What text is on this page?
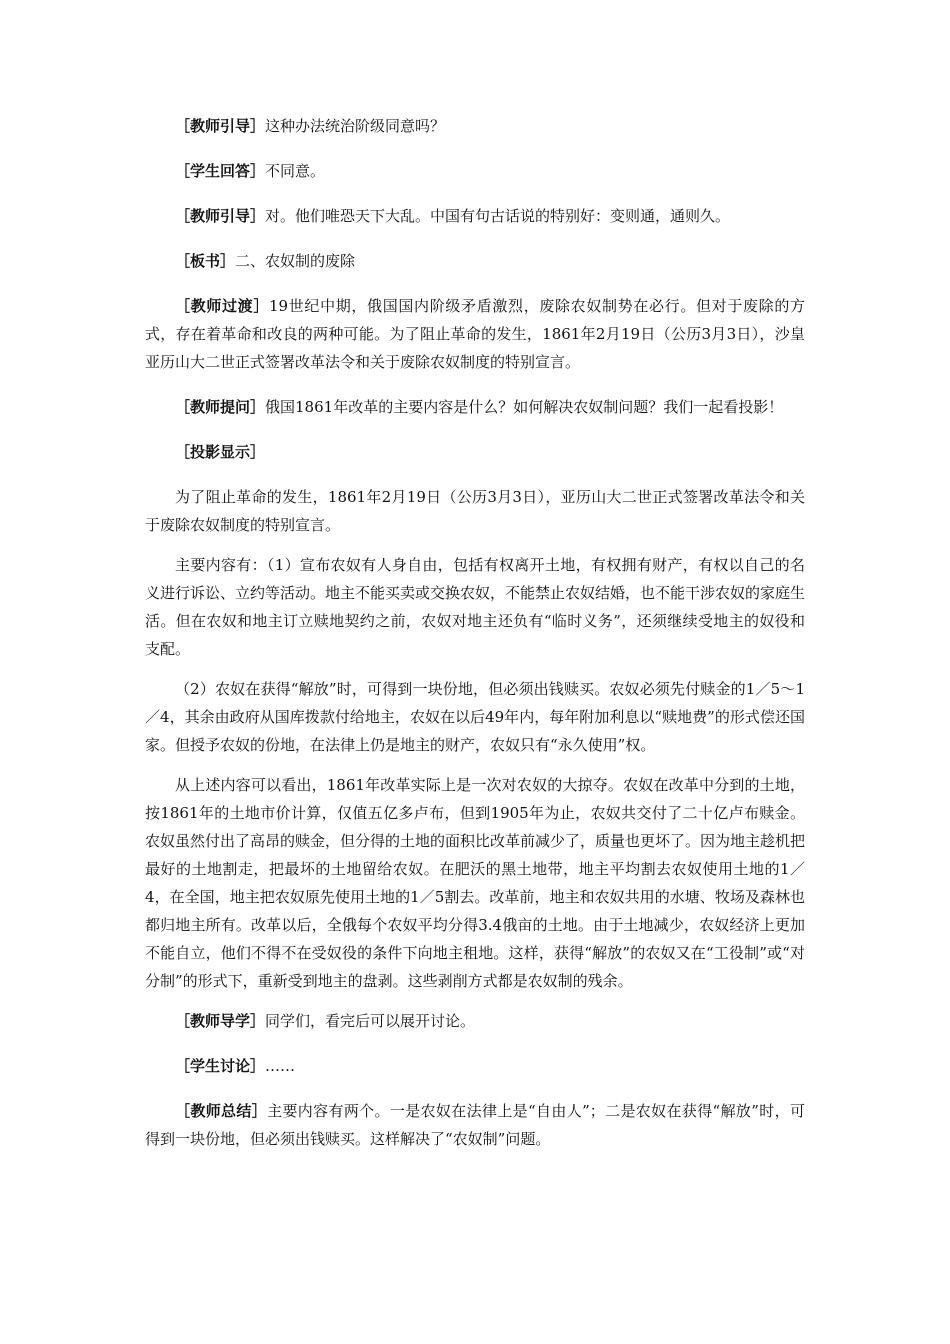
［教师引导］这种办法统治阶级同意吗？

［学生回答］不同意。

［教师引导］对。他们唯恐天下大乱。中国有句古话说的特别好：变则通，通则久。

［板书］二、农奴制的废除

［教师过渡］19世纪中期，俄国国内阶级矛盾激烈，废除农奴制势在必行。但对于废除的方式，存在着革命和改良的两种可能。为了阻止革命的发生，1861年2月19日（公历3月3日），沙皇亚历山大二世正式签署改革法令和关于废除农奴制度的特别宣言。

［教师提问］俄国1861年改革的主要内容是什么？如何解决农奴制问题？我们一起看投影！

［投影显示］

为了阻止革命的发生，1861年2月19日（公历3月3日），亚历山大二世正式签署改革法令和关于废除农奴制度的特别宣言。

主要内容有：（1）宣布农奴有人身自由，包括有权离开土地，有权拥有财产，有权以自己的名义进行诉讼、立约等活动。地主不能买卖或交换农奴，不能禁止农奴结婚，也不能干涉农奴的家庭生活。但在农奴和地主订立赎地契约之前，农奴对地主还负有“临时义务”，还须继续受地主的奴役和支配。

（2）农奴在获得“解放”时，可得到一块份地，但必须出钱赎买。农奴必须先付赎金的1／5～1／4，其余由政府从国库拨款付给地主，农奴在以后49年内，每年附加利息以“赎地费”的形式偿还国家。但授予农奴的份地，在法律上仍是地主的财产，农奴只有“永久使用”权。

从上述内容可以看出，1861年改革实际上是一次对农奴的大掠夺。农奴在改革中分到的土地，按1861年的土地市价计算，仅值五亿多卢布，但到1905年为止，农奴共交付了二十亿卢布赎金。农奴虽然付出了高昂的赎金，但分得的土地的面积比改革前减少了，质量也更坏了。因为地主趁机把最好的土地割走，把最坏的土地留给农奴。在肥沃的黑土地带，地主平均割去农奴使用土地的1／4，在全国，地主把农奴原先使用土地的1／5割去。改革前，地主和农奴共用的水塘、牧场及森林也都归地主所有。改革以后，全俄每个农奴平均分得3.4俄亩的土地。由于土地减少，农奴经济上更加不能自立，他们不得不在受奴役的条件下向地主租地。这样，获得“解放”的农奴又在“工役制”或“对分制”的形式下，重新受到地主的盘剥。这些剥削方式都是农奴制的残余。

［教师导学］同学们，看完后可以展开讨论。

［学生讨论］……

［教师总结］主要内容有两个。一是农奴在法律上是“自由人”；二是农奴在获得“解放”时，可得到一块份地，但必须出钱赎买。这样解决了“农奴制”问题。
